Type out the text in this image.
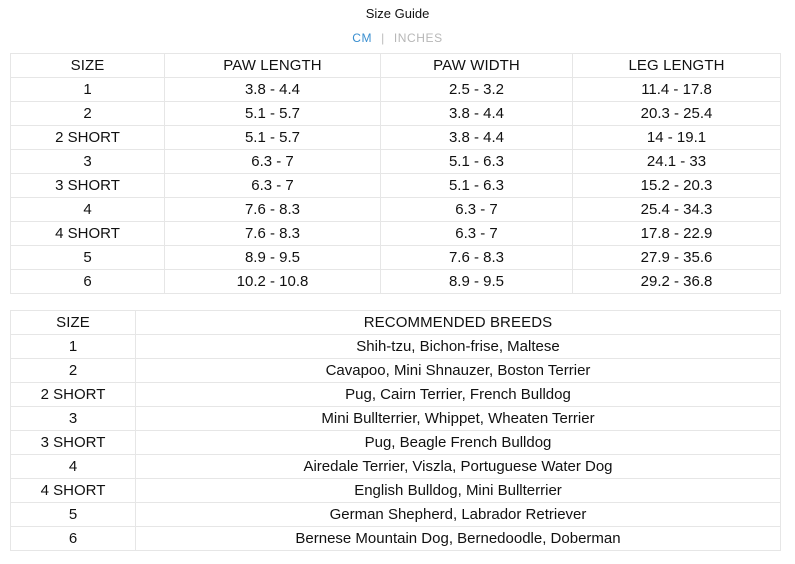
Size Guide
CM | INCHES
SIZE	PAW LENGTH	PAW WIDTH	LEG LENGTH
1	3.8 - 4.4	2.5 - 3.2	11.4 - 17.8
2	5.1 - 5.7	3.8 - 4.4	20.3 - 25.4
2 SHORT	5.1 - 5.7	3.8 - 4.4	14 - 19.1
3	6.3 - 7	5.1 - 6.3	24.1 - 33
3 SHORT	6.3 - 7	5.1 - 6.3	15.2 - 20.3
4	7.6 - 8.3	6.3 - 7	25.4 - 34.3
4 SHORT	7.6 - 8.3	6.3 - 7	17.8 - 22.9
5	8.9 - 9.5	7.6 - 8.3	27.9 - 35.6
6	10.2 - 10.8	8.9 - 9.5	29.2 - 36.8
SIZE	RECOMMENDED BREEDS
1	Shih-tzu, Bichon-frise, Maltese
2	Cavapoo, Mini Shnauzer, Boston Terrier
2 SHORT	Pug, Cairn Terrier, French Bulldog
3	Mini Bullterrier, Whippet, Wheaten Terrier
3 SHORT	Pug, Beagle French Bulldog
4	Airedale Terrier, Viszla, Portuguese Water Dog
4 SHORT	English Bulldog, Mini Bullterrier
5	German Shepherd, Labrador Retriever
6	Bernese Mountain Dog, Bernedoodle, Doberman
